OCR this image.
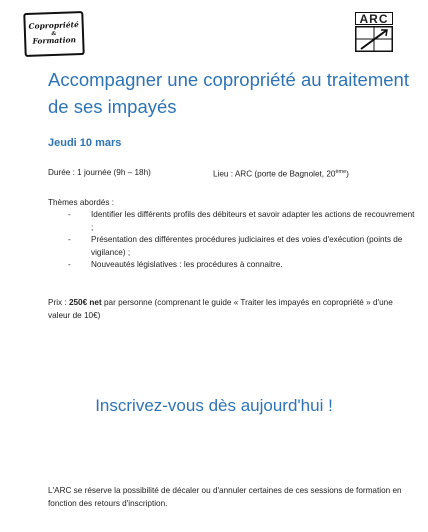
Copropriété
&
Formation
ARC
Accompagner une copropriété au traitement de ses impayés

Jeudi 10 mars

Durée : 1 journée (9h – 18h)	Lieu : ARC (porte de Bagnolet, 20ème)
Thèmes abordés :
- Identifier les différents profils des débiteurs et savoir adapter les actions de recouvrement ;
- Présentation des différentes procédures judiciaires et des voies d'exécution (points de vigilance) ;
- Nouveautés législatives : les procédures à connaitre.
Prix : 250€ net par personne (comprenant le guide « Traiter les impayés en copropriété » d'une valeur de 10€)
Inscrivez-vous dès aujourd'hui !
L'ARC se réserve la possibilité de décaler ou d'annuler certaines de ces sessions de formation en fonction des retours d'inscription.
